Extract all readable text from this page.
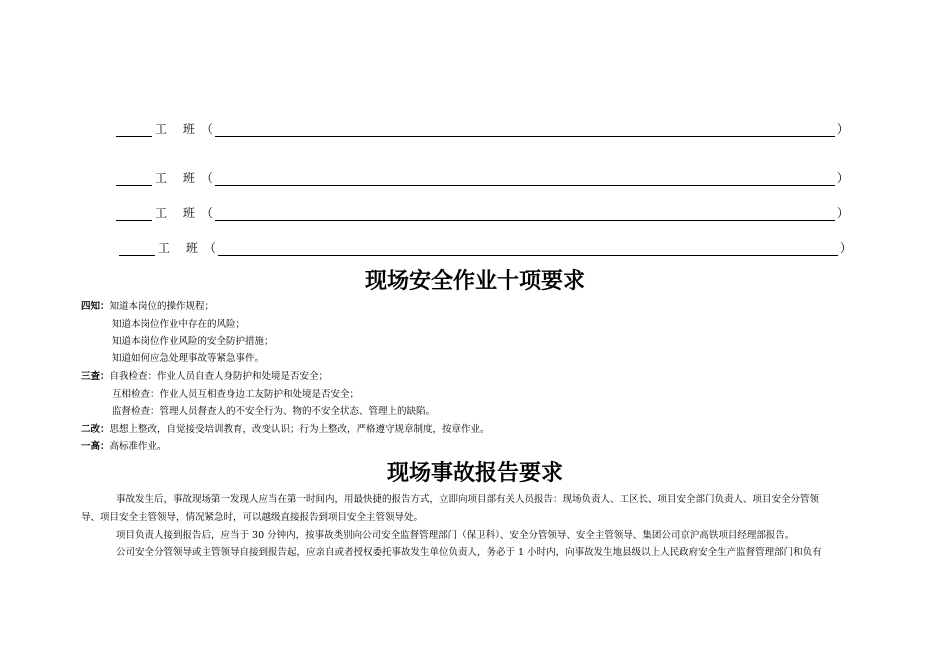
工 班 （	）
工 班 （	）
工 班 （	）
工 班 （	）
现场安全作业十项要求
四知：知道本岗位的操作规程；
知道本岗位作业中存在的风险；
知道本岗位作业风险的安全防护措施；
知道如何应急处理事故等紧急事件。
三查：自我检查：作业人员自查人身防护和处境是否安全；
互相检查：作业人员互相查身边工友防护和处境是否安全；
监督检查：管理人员督查人的不安全行为、物的不安全状态、管理上的缺陷。
二改：思想上整改，自觉接受培训教育，改变认识；行为上整改，严格遵守规章制度，按章作业。
一高：高标准作业。
现场事故报告要求
事故发生后，事故现场第一发现人应当在第一时间内，用最快捷的报告方式，立即向项目部有关人员报告：现场负责人、工区长、项目安全部门负责人、项目安全分管领
导、项目安全主管领导，情况紧急时，可以越级直接报告到项目安全主管领导处。
项目负责人接到报告后，应当于 30 分钟内，按事故类别向公司安全监督管理部门（保卫科）、安全分管领导、安全主管领导、集团公司京沪高铁项目经理部报告。
公司安全分管领导或主管领导自接到报告起，应亲自或者授权委托事故发生单位负责人，务必于 1 小时内，向事故发生地县级以上人民政府安全生产监督管理部门和负有
